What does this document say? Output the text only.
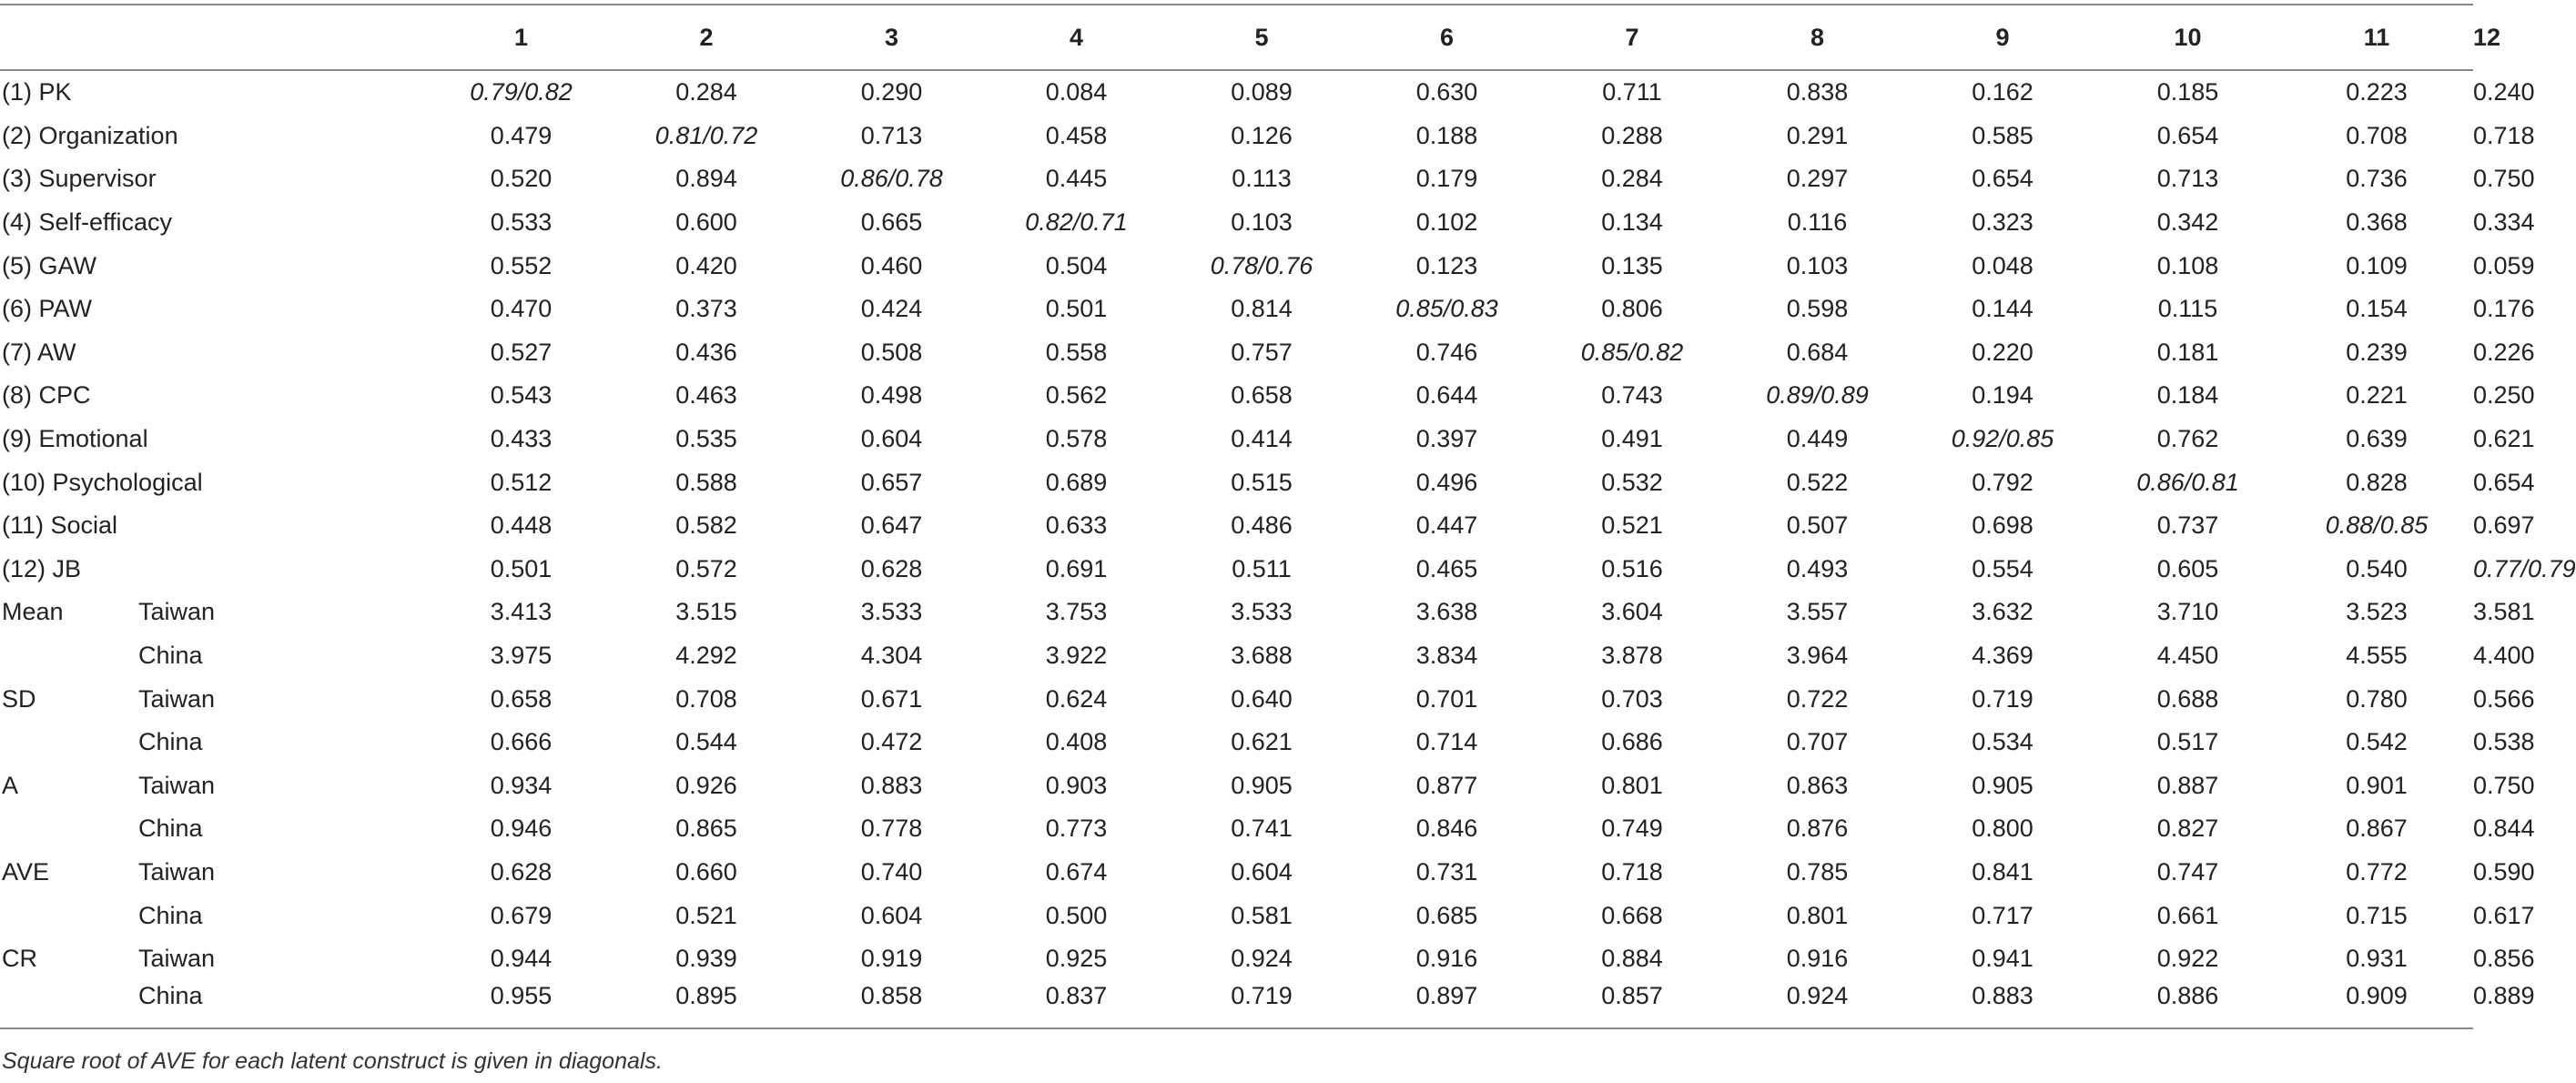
			1	2	3	4	5	6	7	8	9	10	11	12
(1) PK			0.79/0.82	0.284	0.290	0.084	0.089	0.630	0.711	0.838	0.162	0.185	0.223	0.240
(2) Organization			0.479	0.81/0.72	0.713	0.458	0.126	0.188	0.288	0.291	0.585	0.654	0.708	0.718
(3) Supervisor			0.520	0.894	0.86/0.78	0.445	0.113	0.179	0.284	0.297	0.654	0.713	0.736	0.750
(4) Self-efficacy			0.533	0.600	0.665	0.82/0.71	0.103	0.102	0.134	0.116	0.323	0.342	0.368	0.334
(5) GAW			0.552	0.420	0.460	0.504	0.78/0.76	0.123	0.135	0.103	0.048	0.108	0.109	0.059
(6) PAW			0.470	0.373	0.424	0.501	0.814	0.85/0.83	0.806	0.598	0.144	0.115	0.154	0.176
(7) AW			0.527	0.436	0.508	0.558	0.757	0.746	0.85/0.82	0.684	0.220	0.181	0.239	0.226
(8) CPC			0.543	0.463	0.498	0.562	0.658	0.644	0.743	0.89/0.89	0.194	0.184	0.221	0.250
(9) Emotional			0.433	0.535	0.604	0.578	0.414	0.397	0.491	0.449	0.92/0.85	0.762	0.639	0.621
(10) Psychological			0.512	0.588	0.657	0.689	0.515	0.496	0.532	0.522	0.792	0.86/0.81	0.828	0.654
(11) Social			0.448	0.582	0.647	0.633	0.486	0.447	0.521	0.507	0.698	0.737	0.88/0.85	0.697
(12) JB			0.501	0.572	0.628	0.691	0.511	0.465	0.516	0.493	0.554	0.605	0.540	0.77/0.79
Mean	Taiwan		3.413	3.515	3.533	3.753	3.533	3.638	3.604	3.557	3.632	3.710	3.523	3.581
	China		3.975	4.292	4.304	3.922	3.688	3.834	3.878	3.964	4.369	4.450	4.555	4.400
SD	Taiwan		0.658	0.708	0.671	0.624	0.640	0.701	0.703	0.722	0.719	0.688	0.780	0.566
	China		0.666	0.544	0.472	0.408	0.621	0.714	0.686	0.707	0.534	0.517	0.542	0.538
A	Taiwan		0.934	0.926	0.883	0.903	0.905	0.877	0.801	0.863	0.905	0.887	0.901	0.750
	China		0.946	0.865	0.778	0.773	0.741	0.846	0.749	0.876	0.800	0.827	0.867	0.844
AVE	Taiwan		0.628	0.660	0.740	0.674	0.604	0.731	0.718	0.785	0.841	0.747	0.772	0.590
	China		0.679	0.521	0.604	0.500	0.581	0.685	0.668	0.801	0.717	0.661	0.715	0.617
CR	Taiwan		0.944	0.939	0.919	0.925	0.924	0.916	0.884	0.916	0.941	0.922	0.931	0.856
	China		0.955	0.895	0.858	0.837	0.719	0.897	0.857	0.924	0.883	0.886	0.909	0.889
Square root of AVE for each latent construct is given in diagonals.
